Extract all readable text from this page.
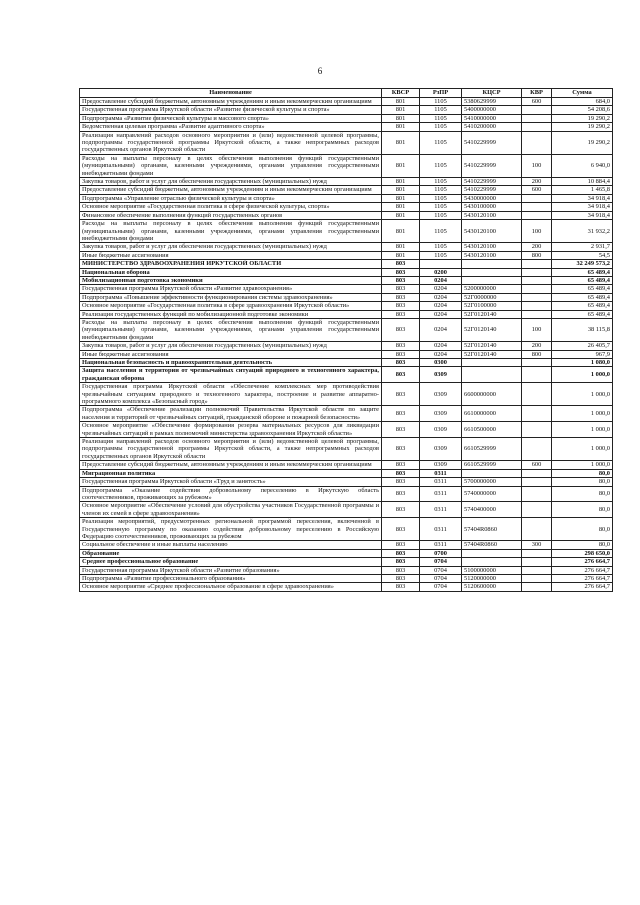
6
Наименование	КВСР	РзПР	КЦСР	КВР	Сумма
Предоставление субсидий бюджетным, автономным учреждениям и иным некоммерческим организациям	801	1105	5380629999	600	684,0
Государственная программа Иркутской области «Развитие физической культуры и спорта»	801	1105	5400000000		54 208,6
Подпрограмма «Развитие физической культуры и массового спорта»	801	1105	5410000000		19 290,2
Ведомственная целевая программа «Развитие адаптивного спорта»	801	1105	5410200000		19 290,2
Реализация направлений расходов основного мероприятия и (или) ведомственной целевой программы, подпрограммы государственной программы Иркутской области, а также непрограммных расходов государственных органов Иркутской области	801	1105	5410229999		19 290,2
Расходы на выплаты персоналу в целях обеспечения выполнения функций государственными (муниципальными) органами, казенными учреждениями, органами управления государственными внебюджетными фондами	801	1105	5410229999	100	6 940,0
Закупка товаров, работ и услуг для обеспечения государственных (муниципальных) нужд	801	1105	5410229999	200	10 884,4
Предоставление субсидий бюджетным, автономным учреждениям и иным некоммерческим организациям	801	1105	5410229999	600	1 465,8
Подпрограмма «Управление отраслью физической культуры и спорта»	801	1105	5430000000		34 918,4
Основное мероприятие «Государственная политика в сфере физической культуры, спорта»	801	1105	5430100000		34 918,4
Финансовое обеспечение выполнения функций государственных органов	801	1105	5430120100		34 918,4
Расходы на выплаты персоналу в целях обеспечения выполнения функций государственными (муниципальными) органами, казенными учреждениями, органами управления государственными внебюджетными фондами	801	1105	5430120100	100	31 932,2
Закупка товаров, работ и услуг для обеспечения государственных (муниципальных) нужд	801	1105	5430120100	200	2 931,7
Иные бюджетные ассигнования	801	1105	5430120100	800	54,5
МИНИСТЕРСТВО ЗДРАВООХРАНЕНИЯ ИРКУТСКОЙ ОБЛАСТИ	803				32 249 573,2
Национальная оборона	803	0200			65 489,4
Мобилизационная подготовка экономики	803	0204			65 489,4
Государственная программа Иркутской области «Развитие здравоохранения»	803	0204	5200000000		65 489,4
Подпрограмма «Повышение эффективности функционирования системы здравоохранения»	803	0204	52Г0000000		65 489,4
Основное мероприятие «Государственная политика в сфере здравоохранения Иркутской области»	803	0204	52Г0100000		65 489,4
Реализация государственных функций по мобилизационной подготовке экономики	803	0204	52Г0120140		65 489,4
Расходы на выплаты персоналу в целях обеспечения выполнения функций государственными (муниципальными) органами, казенными учреждениями, органами управления государственными внебюджетными фондами	803	0204	52Г0120140	100	38 115,8
Закупка товаров, работ и услуг для обеспечения государственных (муниципальных) нужд	803	0204	52Г0120140	200	26 405,7
Иные бюджетные ассигнования	803	0204	52Г0120140	800	967,9
Национальная безопасность и правоохранительная деятельность	803	0300			1 080,0
Защита населения и территории от чрезвычайных ситуаций природного и техногенного характера, гражданская оборона	803	0309			1 000,0
Государственная программа Иркутской области «Обеспечение комплексных мер противодействия чрезвычайным ситуациям природного и техногенного характера, построение и развитие аппаратно-программного комплекса «Безопасный город»	803	0309	6600000000		1 000,0
Подпрограмма «Обеспечение реализации полномочий Правительства Иркутской области по защите населения и территорий от чрезвычайных ситуаций, гражданской обороне и пожарной безопасности»	803	0309	6610000000		1 000,0
Основное мероприятие «Обеспечение формирования резерва материальных ресурсов для ликвидации чрезвычайных ситуаций в рамках полномочий министерства здравоохранения Иркутской области»	803	0309	6610500000		1 000,0
Реализация направлений расходов основного мероприятия и (или) ведомственной целевой программы, подпрограммы государственной программы Иркутской области, а также непрограммных расходов государственных органов Иркутской области	803	0309	6610529999		1 000,0
Предоставление субсидий бюджетным, автономным учреждениям и иным некоммерческим организациям	803	0309	6610529999	600	1 000,0
Миграционная политика	803	0311			80,0
Государственная программа Иркутской области «Труд и занятость»	803	0311	5700000000		80,0
Подпрограмма «Оказание содействия добровольному переселению в Иркутскую область соотечественников, проживающих за рубежом»	803	0311	5740000000		80,0
Основное мероприятие «Обеспечение условий для обустройства участников Государственной программы и членов их семей в сфере здравоохранения»	803	0311	5740400000		80,0
Реализация мероприятий, предусмотренных региональной программой переселения, включенной в Государственную программу по оказанию содействия добровольному переселению в Российскую Федерацию соотечественников, проживающих за рубежом	803	0311	57404R0860		80,0
Социальное обеспечение и иные выплаты населению	803	0311	57404R0860	300	80,0
Образование	803	0700			298 650,0
Среднее профессиональное образование	803	0704			276 664,7
Государственная программа Иркутской области «Развитие образования»	803	0704	5100000000		276 664,7
Подпрограмма «Развитие профессионального образования»	803	0704	5120000000		276 664,7
Основное мероприятие «Среднее профессиональное образование в сфере здравоохранения»	803	0704	5120600000		276 664,7
